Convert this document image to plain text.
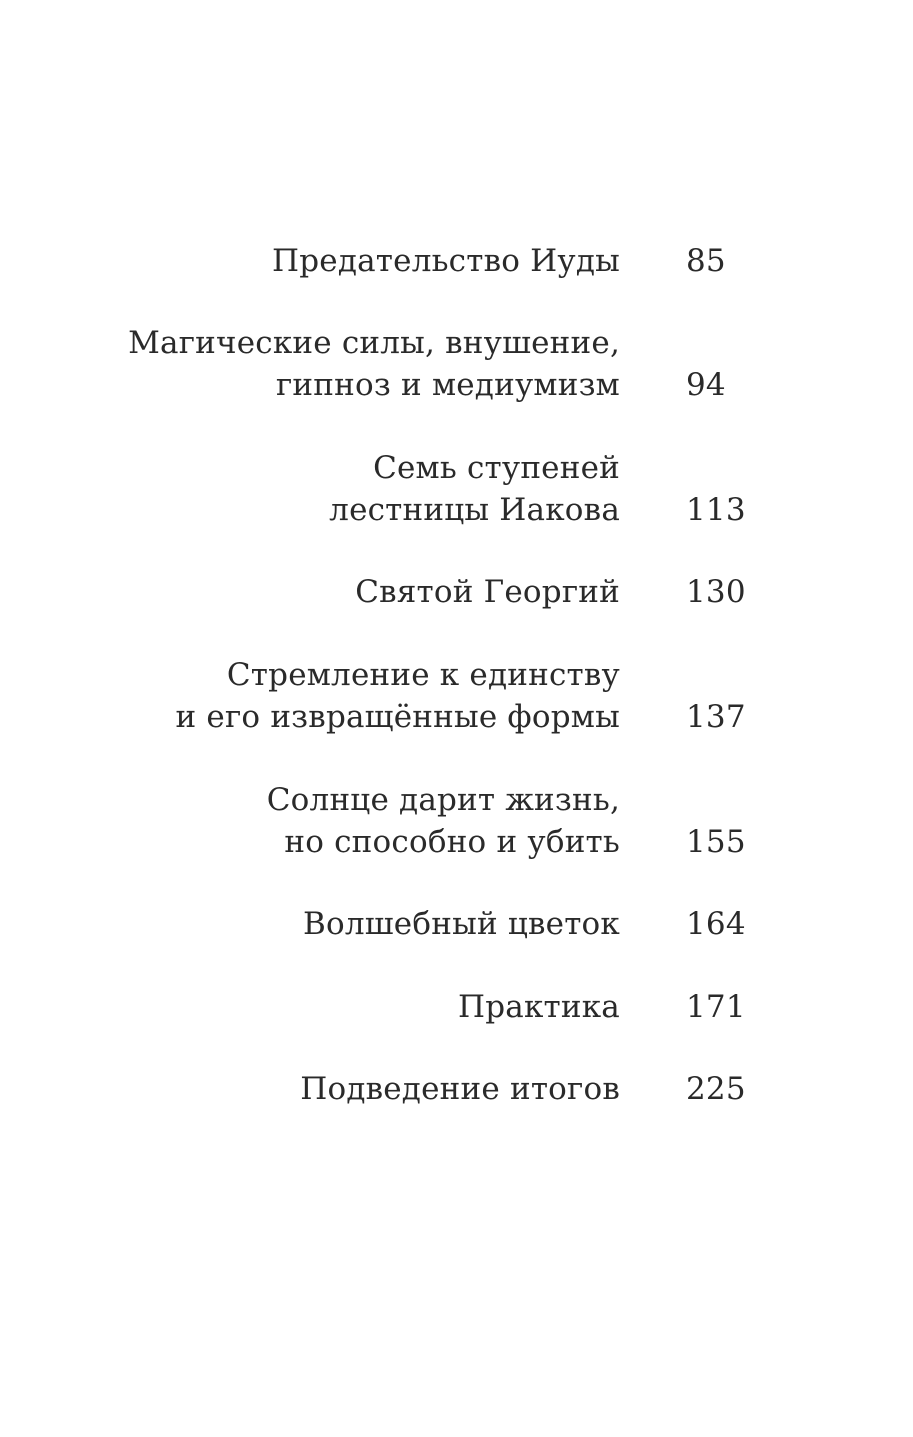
Предательство Иуды 85
Магические силы, внушение,
гипноз и медиумизм 94
Семь ступеней
лестницы Иакова 113
Святой Георгий 130
Стремление к единству
и его извращённые формы 137
Солнце дарит жизнь,
но способно и убить 155
Волшебный цветок 164
Практика 171
Подведение итогов 225
